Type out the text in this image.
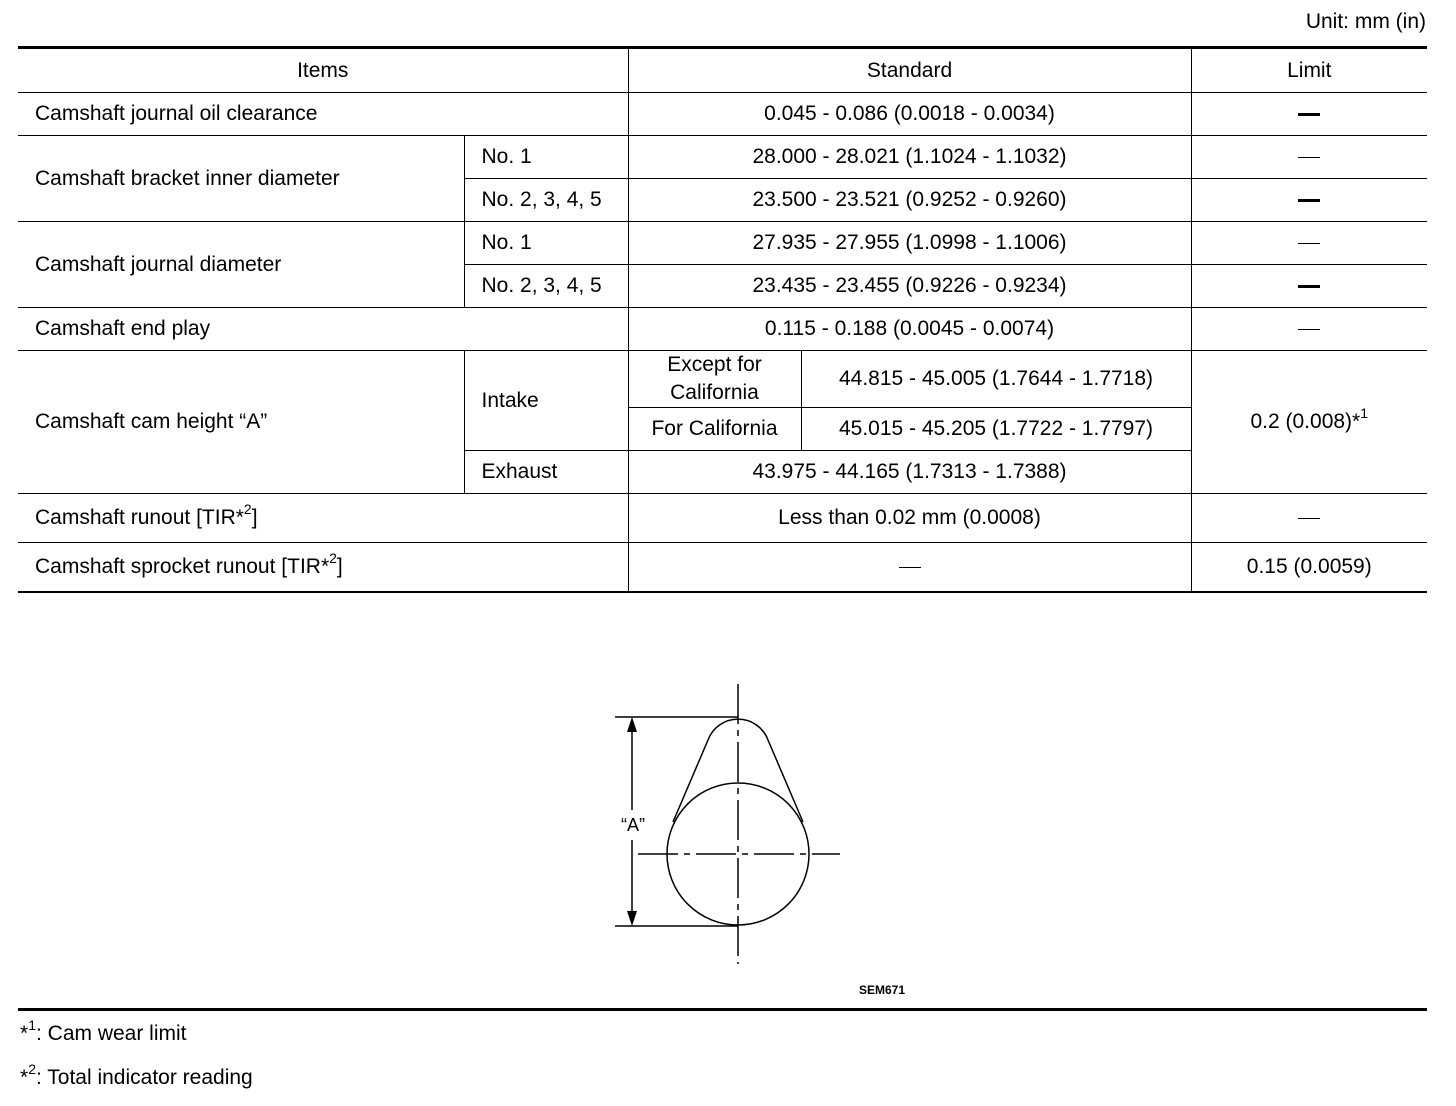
Unit: mm (in)
Items		Standard		Limit
Camshaft journal oil clearance		0.045 - 0.086 (0.0018 - 0.0034)	
Camshaft bracket inner diameter	No. 1	28.000 - 28.021 (1.1024 - 1.1032)	
	No. 2, 3, 4, 5	23.500 - 23.521 (0.9252 - 0.9260)	
Camshaft journal diameter	No. 1	27.935 - 27.955 (1.0998 - 1.1006)	
	No. 2, 3, 4, 5	23.435 - 23.455 (0.9226 - 0.9234)	
Camshaft end play		0.115 - 0.188 (0.0045 - 0.0074)	
Camshaft cam height “A”	Intake	Except for California	44.815 - 45.005 (1.7644 - 1.7718)	0.2 (0.008)*$^1$
		For California	45.015 - 45.205 (1.7722 - 1.7797)	
	Exhaust	43.975 - 44.165 (1.7313 - 1.7388)		
Camshaft runout [TIR*$^2$]		Less than 0.02 mm (0.0008)	
Camshaft sprocket runout [TIR*$^2$]				0.15 (0.0059)
“A”
SEM671
*$^1$: Cam wear limit
*$^2$: Total indicator reading
